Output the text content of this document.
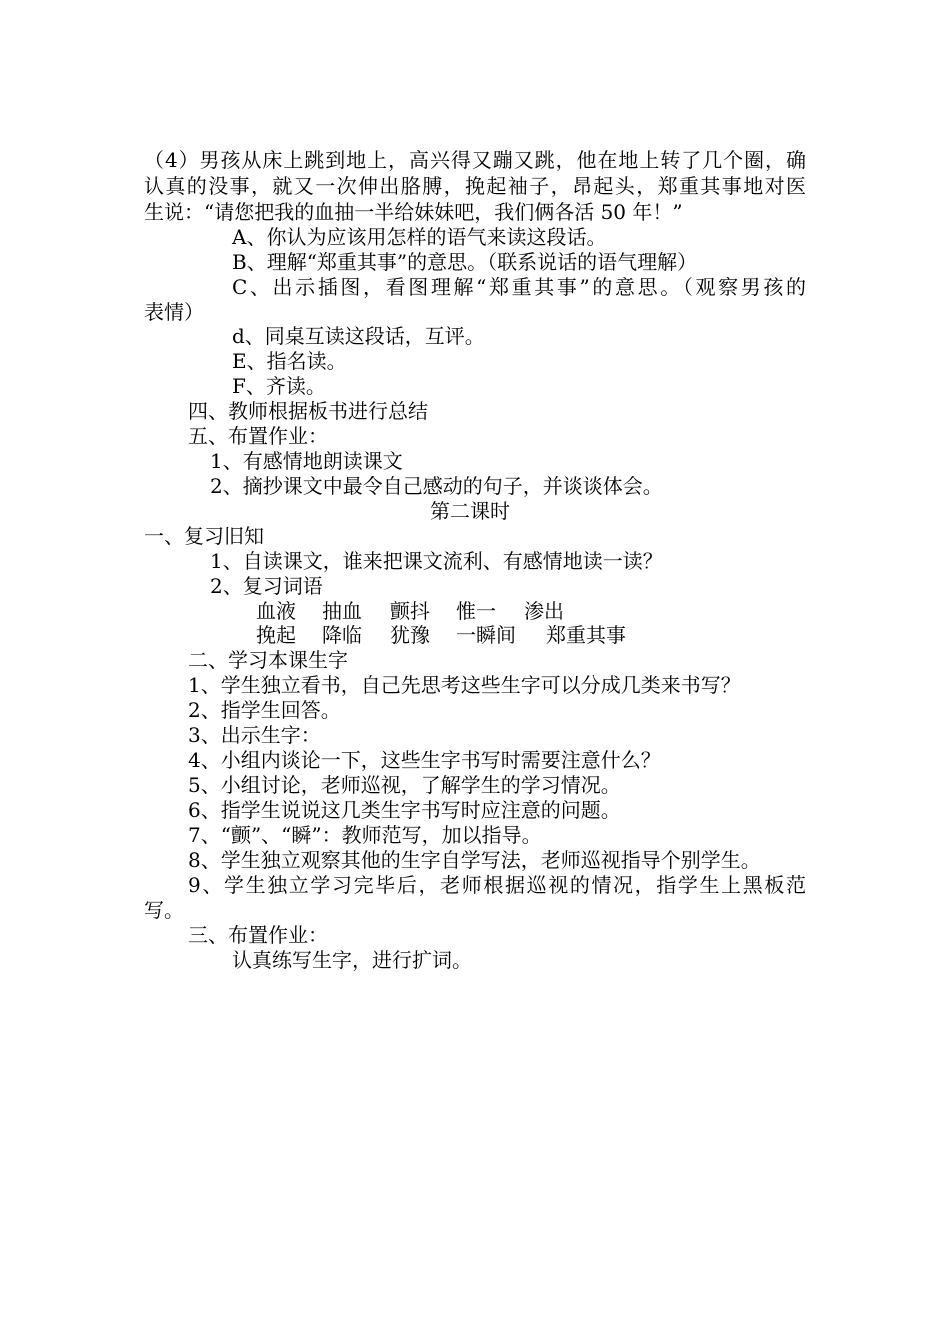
（4）男孩从床上跳到地上，高兴得又蹦又跳，他在地上转了几个圈，确
认真的没事，就又一次伸出胳膊，挽起袖子，昂起头，郑重其事地对医
生说：“请您把我的血抽一半给妹妹吧，我们俩各活 50 年！”
A、你认为应该用怎样的语气来读这段话。
B、理解“郑重其事”的意思。（联系说话的语气理解）
C、出示插图，看图理解“郑重其事”的意思。（观察男孩的
表情）
d、同桌互读这段话，互评。
E、指名读。
F、齐读。
四、教师根据板书进行总结
五、布置作业：
1、有感情地朗读课文
2、摘抄课文中最令自己感动的句子，并谈谈体会。
第二课时
一、复习旧知
1、自读课文，谁来把课文流利、有感情地读一读？
2、复习词语
血液 抽血 颤抖 惟一 渗出
挽起 降临 犹豫 一瞬间 郑重其事
二、学习本课生字
1、学生独立看书，自己先思考这些生字可以分成几类来书写？
2、指学生回答。
3、出示生字：
4、小组内谈论一下，这些生字书写时需要注意什么？
5、小组讨论，老师巡视，了解学生的学习情况。
6、指学生说说这几类生字书写时应注意的问题。
7、“颤”、“瞬”：教师范写，加以指导。
8、学生独立观察其他的生字自学写法，老师巡视指导个别学生。
9、学生独立学习完毕后，老师根据巡视的情况，指学生上黑板范
写。
三、布置作业：
认真练写生字，进行扩词。
